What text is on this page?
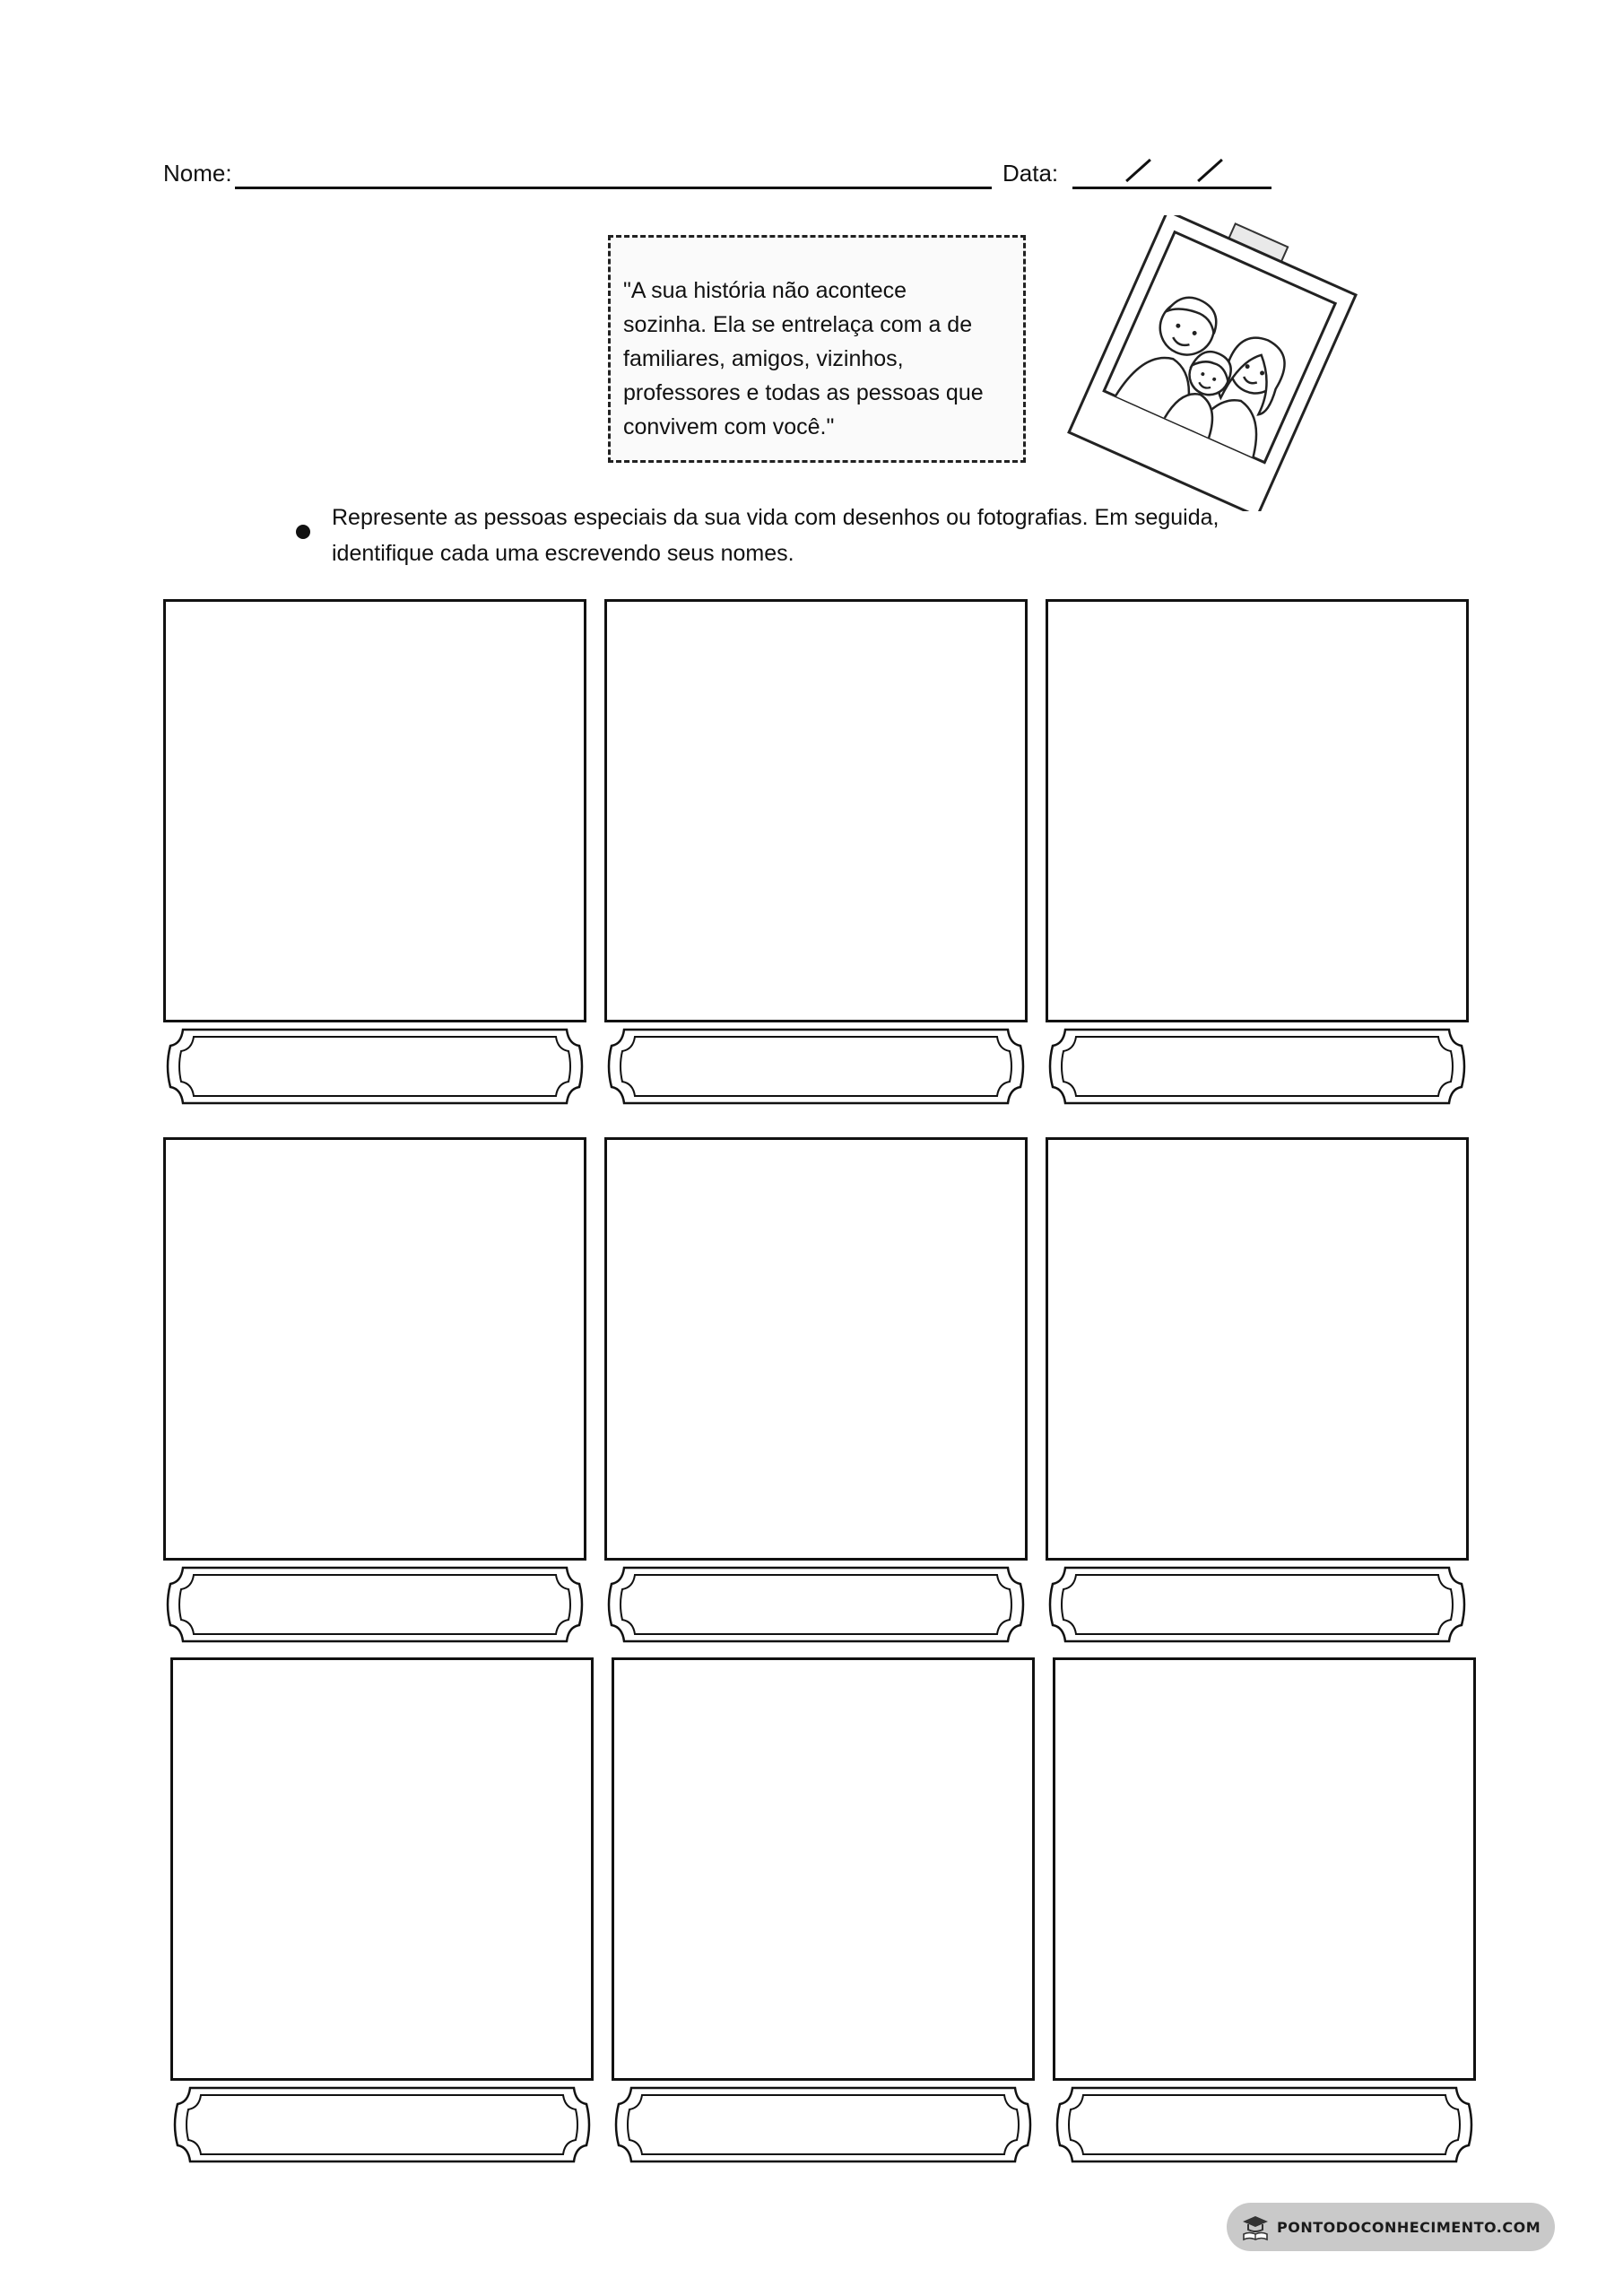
Nome:	Data:
"A sua história não acontece
sozinha. Ela se entrelaça com a de
familiares, amigos, vizinhos,
professores e todas as pessoas que
convivem com você."
Represente as pessoas especiais da sua vida com desenhos ou fotografias. Em seguida,
identifique cada uma escrevendo seus nomes.
PONTODOCONHECIMENTO.COM
